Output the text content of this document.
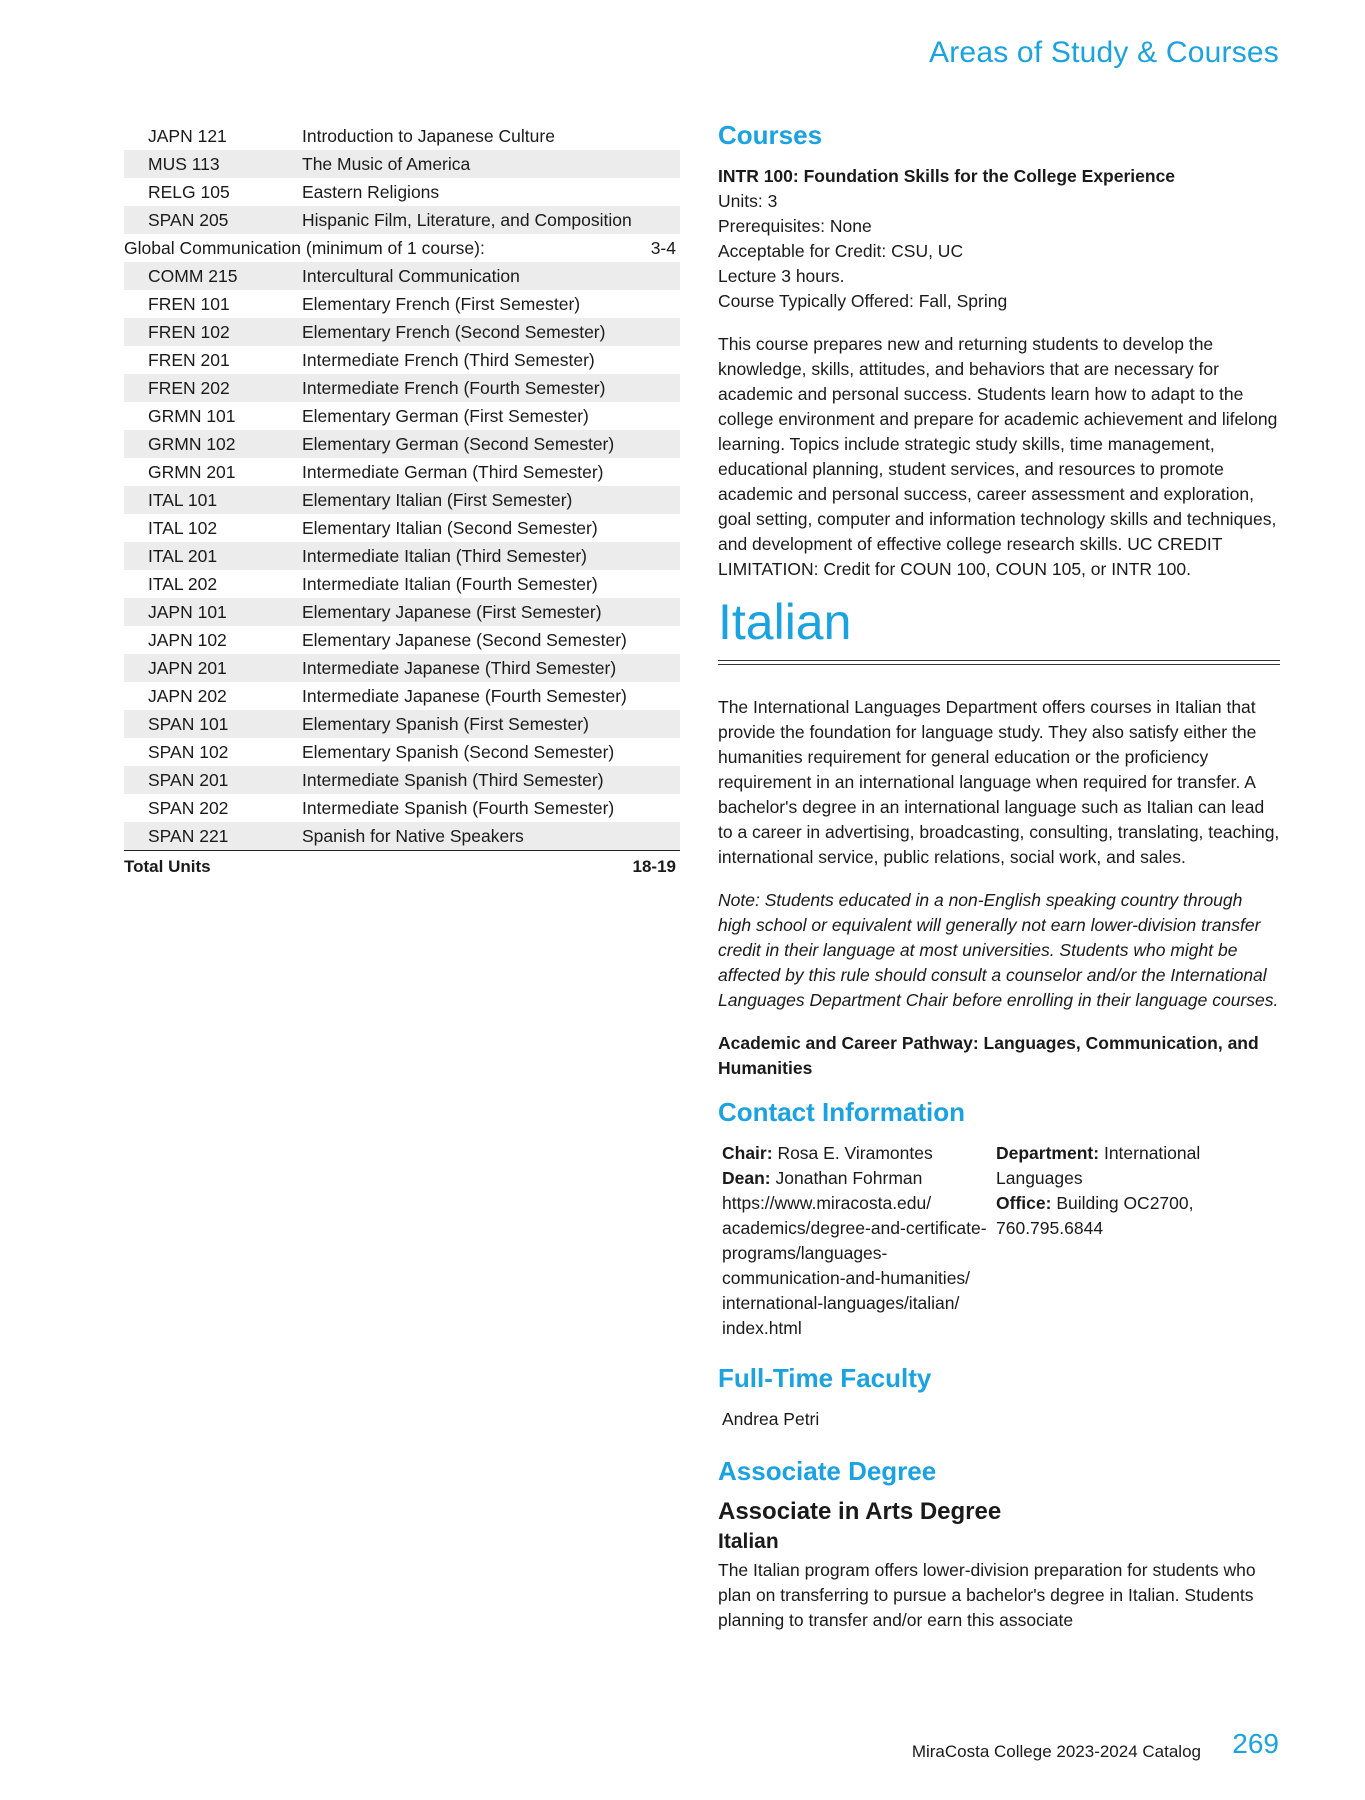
Areas of Study & Courses
JAPN 121	Introduction to Japanese Culture
MUS 113	The Music of America
RELG 105	Eastern Religions
SPAN 205	Hispanic Film, Literature, and Composition
Global Communication (minimum of 1 course):	3-4
COMM 215	Intercultural Communication
FREN 101	Elementary French (First Semester)
FREN 102	Elementary French (Second Semester)
FREN 201	Intermediate French (Third Semester)
FREN 202	Intermediate French (Fourth Semester)
GRMN 101	Elementary German (First Semester)
GRMN 102	Elementary German (Second Semester)
GRMN 201	Intermediate German (Third Semester)
ITAL 101	Elementary Italian (First Semester)
ITAL 102	Elementary Italian (Second Semester)
ITAL 201	Intermediate Italian (Third Semester)
ITAL 202	Intermediate Italian (Fourth Semester)
JAPN 101	Elementary Japanese (First Semester)
JAPN 102	Elementary Japanese (Second Semester)
JAPN 201	Intermediate Japanese (Third Semester)
JAPN 202	Intermediate Japanese (Fourth Semester)
SPAN 101	Elementary Spanish (First Semester)
SPAN 102	Elementary Spanish (Second Semester)
SPAN 201	Intermediate Spanish (Third Semester)
SPAN 202	Intermediate Spanish (Fourth Semester)
SPAN 221	Spanish for Native Speakers
Total Units	18-19
Courses
INTR 100: Foundation Skills for the College Experience
Units: 3
Prerequisites: None
Acceptable for Credit: CSU, UC
Lecture 3 hours.
Course Typically Offered: Fall, Spring
This course prepares new and returning students to develop the knowledge, skills, attitudes, and behaviors that are necessary for academic and personal success. Students learn how to adapt to the college environment and prepare for academic achievement and lifelong learning. Topics include strategic study skills, time management, educational planning, student services, and resources to promote academic and personal success, career assessment and exploration, goal setting, computer and information technology skills and techniques, and development of effective college research skills. UC CREDIT LIMITATION: Credit for COUN 100, COUN 105, or INTR 100.
Italian
The International Languages Department offers courses in Italian that provide the foundation for language study. They also satisfy either the humanities requirement for general education or the proficiency requirement in an international language when required for transfer. A bachelor's degree in an international language such as Italian can lead to a career in advertising, broadcasting, consulting, translating, teaching, international service, public relations, social work, and sales.
Note: Students educated in a non-English speaking country through high school or equivalent will generally not earn lower-division transfer credit in their language at most universities. Students who might be affected by this rule should consult a counselor and/or the International Languages Department Chair before enrolling in their language courses.
Academic and Career Pathway: Languages, Communication, and Humanities
Contact Information
Chair: Rosa E. Viramontes
Dean: Jonathan Fohrman
https:/​/​www.miracosta.edu/​academics/​degree-​and-​certificate-​programs/​languages-​communication-​and-​humanities/​international-​languages/​italian/​index.html
Department: International Languages
Office: Building OC2700, 760.795.6844
Full-Time Faculty
Andrea Petri
Associate Degree
Associate in Arts Degree
Italian
The Italian program offers lower-division preparation for students who plan on transferring to pursue a bachelor's degree in Italian. Students planning to transfer and/or earn this associate
MiraCosta College 2023-2024 Catalog 269
